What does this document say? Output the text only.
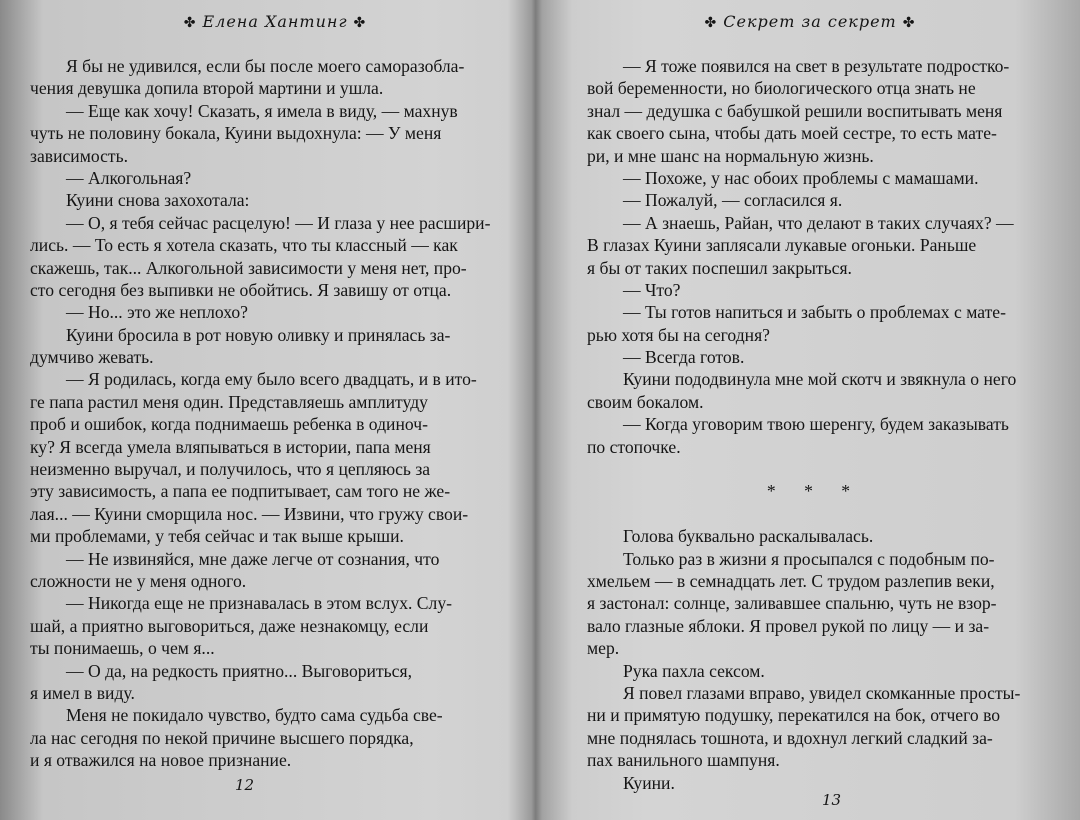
✤ Елена Хантинг ✤
Я бы не удивился, если бы после моего саморазобла-
чения девушка допила второй мартини и ушла.
— Еще как хочу! Сказать, я имела в виду, — махнув
чуть не половину бокала, Куини выдохнула: — У меня
зависимость.
— Алкогольная?
Куини снова захохотала:
— О, я тебя сейчас расцелую! — И глаза у нее расшири-
лись. — То есть я хотела сказать, что ты классный — как
скажешь, так... Алкогольной зависимости у меня нет, про-
сто сегодня без выпивки не обойтись. Я завишу от отца.
— Но... это же неплохо?
Куини бросила в рот новую оливку и принялась за-
думчиво жевать.
— Я родилась, когда ему было всего двадцать, и в ито-
ге папа растил меня один. Представляешь амплитуду
проб и ошибок, когда поднимаешь ребенка в одиноч-
ку? Я всегда умела вляпываться в истории, папа меня
неизменно выручал, и получилось, что я цепляюсь за
эту зависимость, а папа ее подпитывает, сам того не же-
лая... — Куини сморщила нос. — Извини, что гружу свои-
ми проблемами, у тебя сейчас и так выше крыши.
— Не извиняйся, мне даже легче от сознания, что
сложности не у меня одного.
— Никогда еще не признавалась в этом вслух. Слу-
шай, а приятно выговориться, даже незнакомцу, если
ты понимаешь, о чем я...
— О да, на редкость приятно... Выговориться,
я имел в виду.
Меня не покидало чувство, будто сама судьба све-
ла нас сегодня по некой причине высшего порядка,
и я отважился на новое признание.
12
✤ Секрет за секрет ✤
— Я тоже появился на свет в результате подростко-
вой беременности, но биологического отца знать не
знал — дедушка с бабушкой решили воспитывать меня
как своего сына, чтобы дать моей сестре, то есть мате-
ри, и мне шанс на нормальную жизнь.
— Похоже, у нас обоих проблемы с мамашами.
— Пожалуй, — согласился я.
— А знаешь, Райан, что делают в таких случаях? —
В глазах Куини заплясали лукавые огоньки. Раньше
я бы от таких поспешил закрыться.
— Что?
— Ты готов напиться и забыть о проблемах с мате-
рью хотя бы на сегодня?
— Всегда готов.
Куини пододвинула мне мой скотч и звякнула о него
своим бокалом.
— Когда уговорим твою шеренгу, будем заказывать
по стопочке.
* * *
Голова буквально раскалывалась.
Только раз в жизни я просыпался с подобным по-
хмельем — в семнадцать лет. С трудом разлепив веки,
я застонал: солнце, заливавшее спальню, чуть не взор-
вало глазные яблоки. Я провел рукой по лицу — и за-
мер.
Рука пахла сексом.
Я повел глазами вправо, увидел скомканные просты-
ни и примятую подушку, перекатился на бок, отчего во
мне поднялась тошнота, и вдохнул легкий сладкий за-
пах ванильного шампуня.
Куини.
13
